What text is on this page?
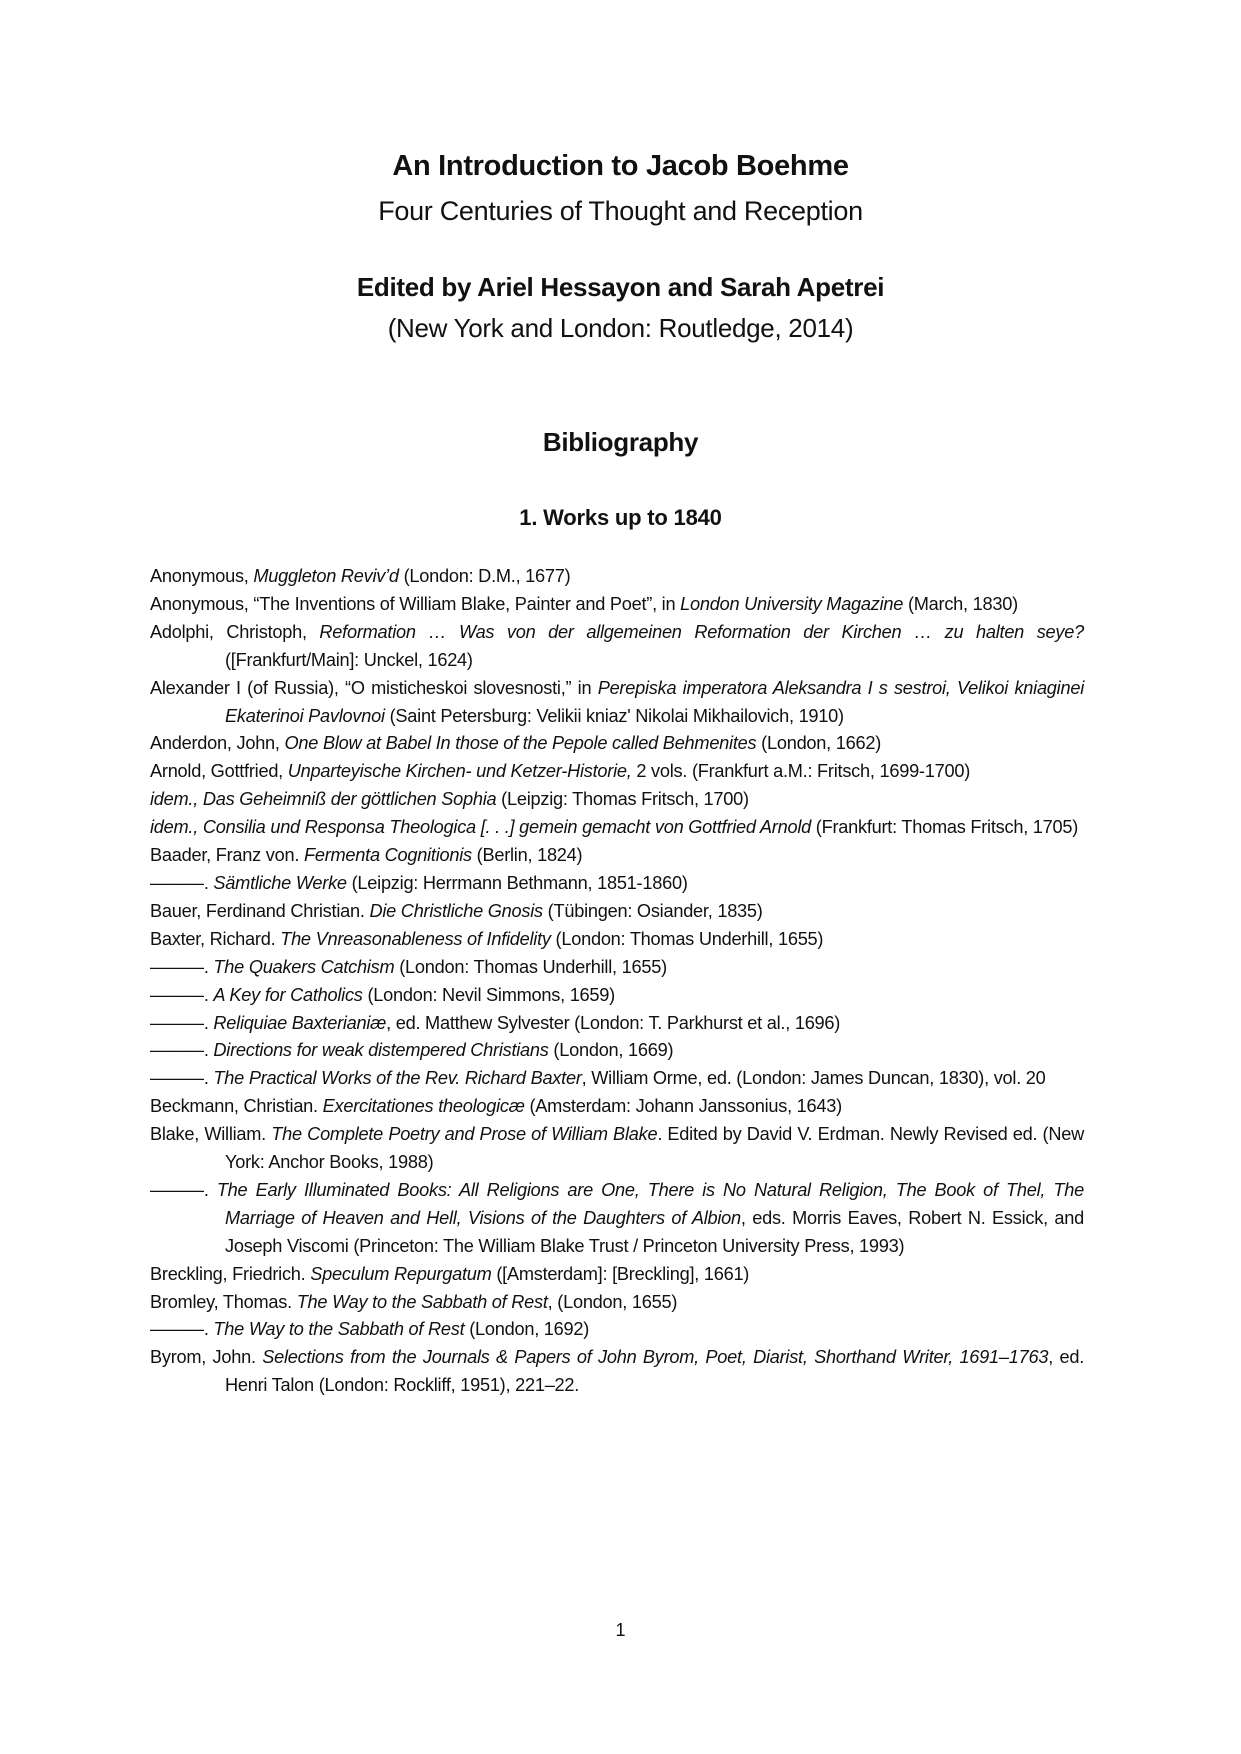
An Introduction to Jacob Boehme
Four Centuries of Thought and Reception
Edited by Ariel Hessayon and Sarah Apetrei
(New York and London: Routledge, 2014)
Bibliography
1. Works up to 1840

Anonymous, Muggleton Reviv’d (London: D.M., 1677)

Anonymous, “The Inventions of William Blake, Painter and Poet”, in London University Magazine (March, 1830)

Adolphi, Christoph, Reformation … Was von der allgemeinen Reformation der Kirchen … zu halten seye? ([Frankfurt/Main]: Unckel, 1624)

Alexander I (of Russia), “O misticheskoi slovesnosti,” in Perepiska imperatora Aleksandra I s sestroi, Velikoi kniaginei Ekaterinoi Pavlovnoi (Saint Petersburg: Velikii kniaz' Nikolai Mikhailovich, 1910)

Anderdon, John, One Blow at Babel In those of the Pepole called Behmenites (London, 1662)

Arnold, Gottfried, Unparteyische Kirchen- und Ketzer-Historie, 2 vols. (Frankfurt a.M.: Fritsch, 1699-1700)

idem., Das Geheimniß der göttlichen Sophia (Leipzig: Thomas Fritsch, 1700)

idem., Consilia und Responsa Theologica [. . .] gemein gemacht von Gottfried Arnold (Frankfurt: Thomas Fritsch, 1705)

Baader, Franz von. Fermenta Cognitionis (Berlin, 1824)

———. Sämtliche Werke (Leipzig: Herrmann Bethmann, 1851-1860)

Bauer, Ferdinand Christian. Die Christliche Gnosis (Tübingen: Osiander, 1835)

Baxter, Richard. The Vnreasonableness of Infidelity (London: Thomas Underhill, 1655)

———. The Quakers Catchism (London: Thomas Underhill, 1655)

———. A Key for Catholics (London: Nevil Simmons, 1659)

———. Reliquiae Baxterianiæ, ed. Matthew Sylvester (London: T. Parkhurst et al., 1696)

———. Directions for weak distempered Christians (London, 1669)

———. The Practical Works of the Rev. Richard Baxter, William Orme, ed. (London: James Duncan, 1830), vol. 20

Beckmann, Christian. Exercitationes theologicæ (Amsterdam: Johann Janssonius, 1643)

Blake, William. The Complete Poetry and Prose of William Blake. Edited by David V. Erdman. Newly Revised ed. (New York: Anchor Books, 1988)

———. The Early Illuminated Books: All Religions are One, There is No Natural Religion, The Book of Thel, The Marriage of Heaven and Hell, Visions of the Daughters of Albion, eds. Morris Eaves, Robert N. Essick, and Joseph Viscomi (Princeton: The William Blake Trust / Princeton University Press, 1993)

Breckling, Friedrich. Speculum Repurgatum ([Amsterdam]: [Breckling], 1661)

Bromley, Thomas. The Way to the Sabbath of Rest, (London, 1655)

———. The Way to the Sabbath of Rest (London, 1692)

Byrom, John. Selections from the Journals & Papers of John Byrom, Poet, Diarist, Shorthand Writer, 1691–1763, ed. Henri Talon (London: Rockliff, 1951), 221–22.

1
